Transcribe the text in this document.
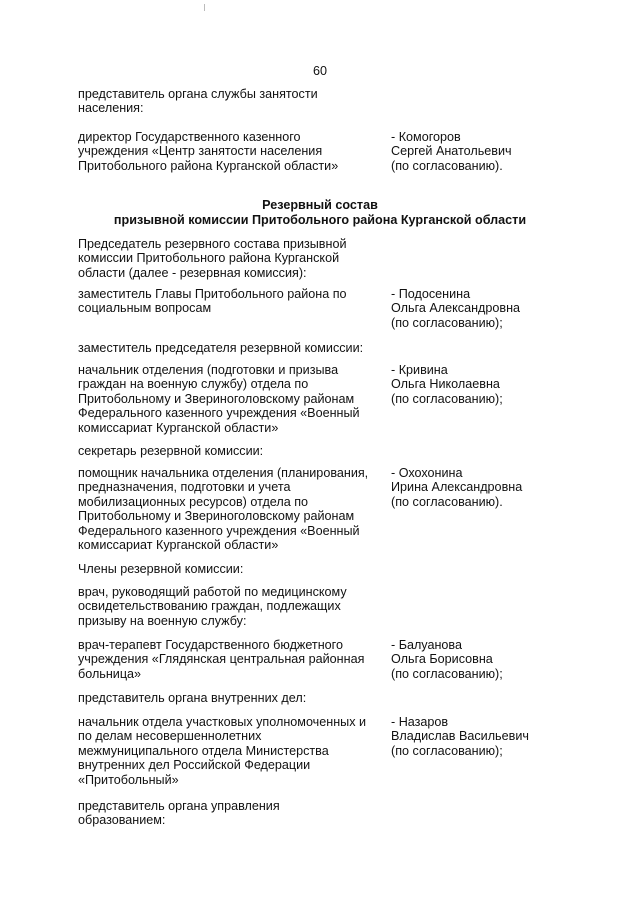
60
представитель органа службы занятости
населения:
директор Государственного казенного
учреждения «Центр занятости населения
Притобольного района Курганской области»
- Комогоров
Сергей Анатольевич
(по согласованию).
Резервный состав
призывной комиссии Притобольного района Курганской области
Председатель резервного состава призывной
комиссии Притобольного района Курганской
области (далее - резервная комиссия):
заместитель Главы Притобольного района по
социальным вопросам
- Подосенина
Ольга Александровна
(по согласованию);
заместитель председателя резервной комиссии:
начальник отделения (подготовки и призыва
граждан на военную службу) отдела по
Притобольному и Звериноголовскому районам
Федерального казенного учреждения «Военный
комиссариат Курганской области»
- Кривина
Ольга Николаевна
(по согласованию);
секретарь резервной комиссии:
помощник начальника отделения (планирования,
предназначения, подготовки и учета
мобилизационных ресурсов) отдела по
Притобольному и Звериноголовскому районам
Федерального казенного учреждения «Военный
комиссариат Курганской области»
- Охохонина
Ирина Александровна
(по согласованию).
Члены резервной комиссии:
врач, руководящий работой по медицинскому
освидетельствованию граждан, подлежащих
призыву на военную службу:
врач-терапевт Государственного бюджетного
учреждения «Глядянская центральная районная
больница»
- Балуанова
Ольга Борисовна
(по согласованию);
представитель органа внутренних дел:
начальник отдела участковых уполномоченных и
по делам несовершеннолетних
межмуниципального отдела Министерства
внутренних дел Российской Федерации
«Притобольный»
- Назаров
Владислав Васильевич
(по согласованию);
представитель органа управления
образованием:
